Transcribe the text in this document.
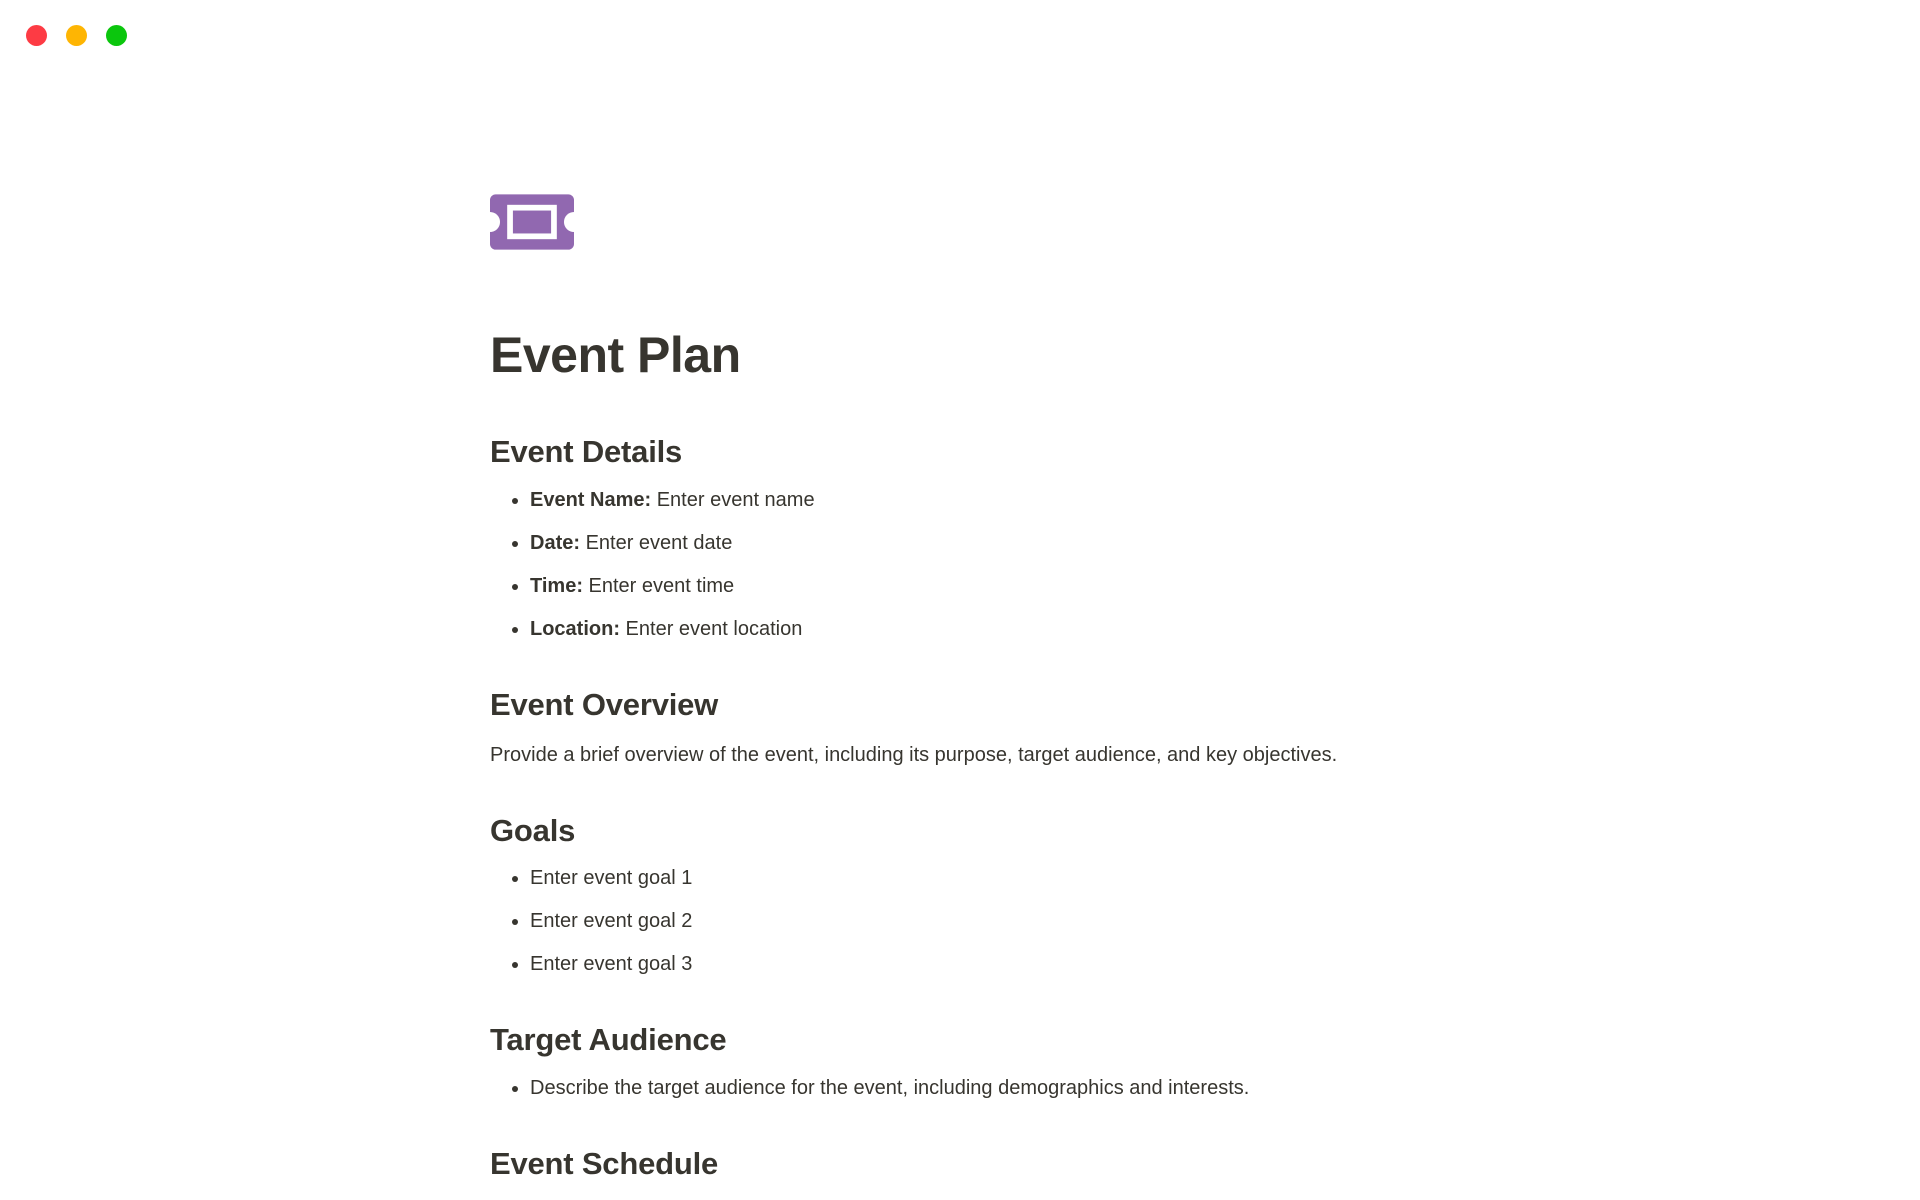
Event Plan
Event Details
• Event Name: Enter event name
• Date: Enter event date
• Time: Enter event time
• Location: Enter event location
Event Overview

Provide a brief overview of the event, including its purpose, target audience, and key objectives.

Goals
• Enter event goal 1
• Enter event goal 2
• Enter event goal 3
Target Audience
• Describe the target audience for the event, including demographics and interests.
Event Schedule
